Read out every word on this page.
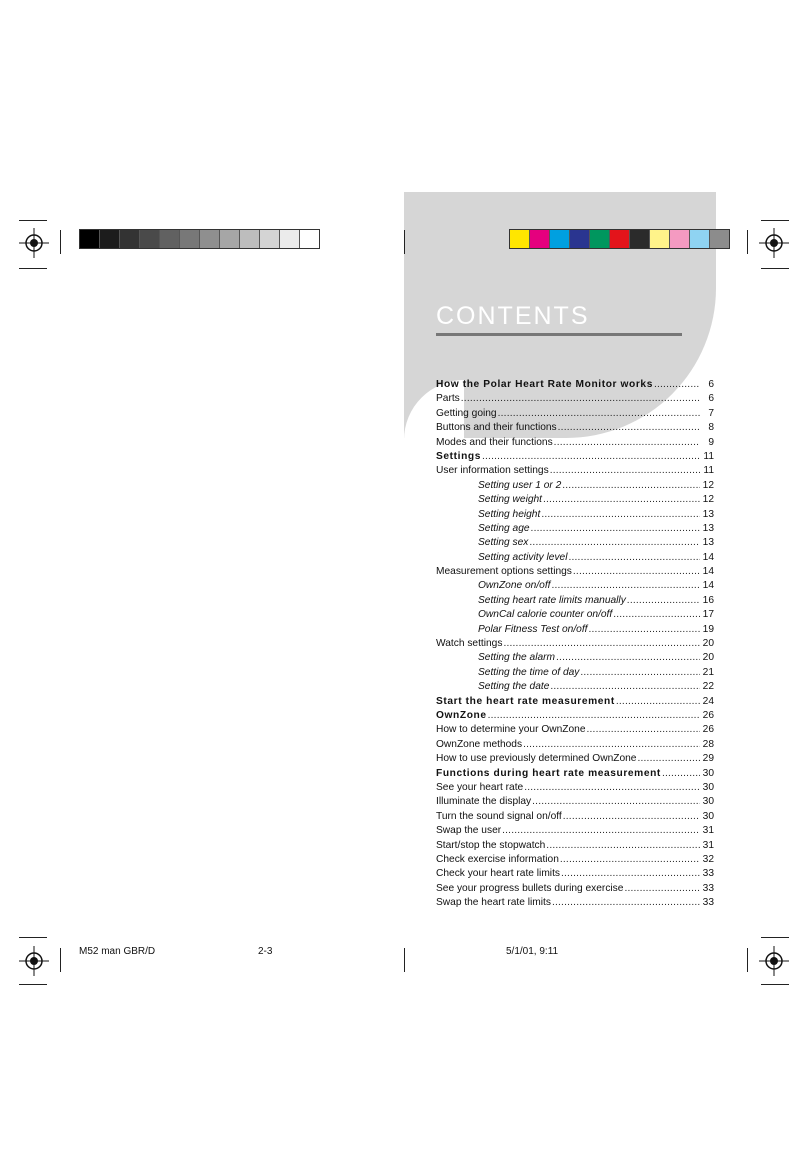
CONTENTS
How the Polar Heart Rate Monitor works .....	6
Parts .....	6
Getting going .....	7
Buttons and their functions .....	8
Modes and their functions .....	9
Settings .....	11
User information settings .....	11
Setting user 1 or 2 .....	12
Setting weight .....	12
Setting height .....	13
Setting age .....	13
Setting sex .....	13
Setting activity level .....	14
Measurement options settings .....	14
OwnZone on/off .....	14
Setting heart rate limits manually .....	16
OwnCal calorie counter on/off .....	17
Polar Fitness Test on/off .....	19
Watch settings .....	20
Setting the alarm .....	20
Setting the time of day .....	21
Setting the date .....	22
Start the heart rate measurement .....	24
OwnZone .....	26
How to determine your OwnZone .....	26
OwnZone methods .....	28
How to use previously determined OwnZone .....	29
Functions during heart rate measurement .....	30
See your heart rate .....	30
Illuminate the display .....	30
Turn the sound signal on/off .....	30
Swap the user .....	31
Start/stop the stopwatch .....	31
Check exercise information .....	32
Check your heart rate limits .....	33
See your progress bullets during exercise .....	33
Swap the heart rate limits .....	33
M52 man GBR/D	2-3	5/1/01, 9:11
